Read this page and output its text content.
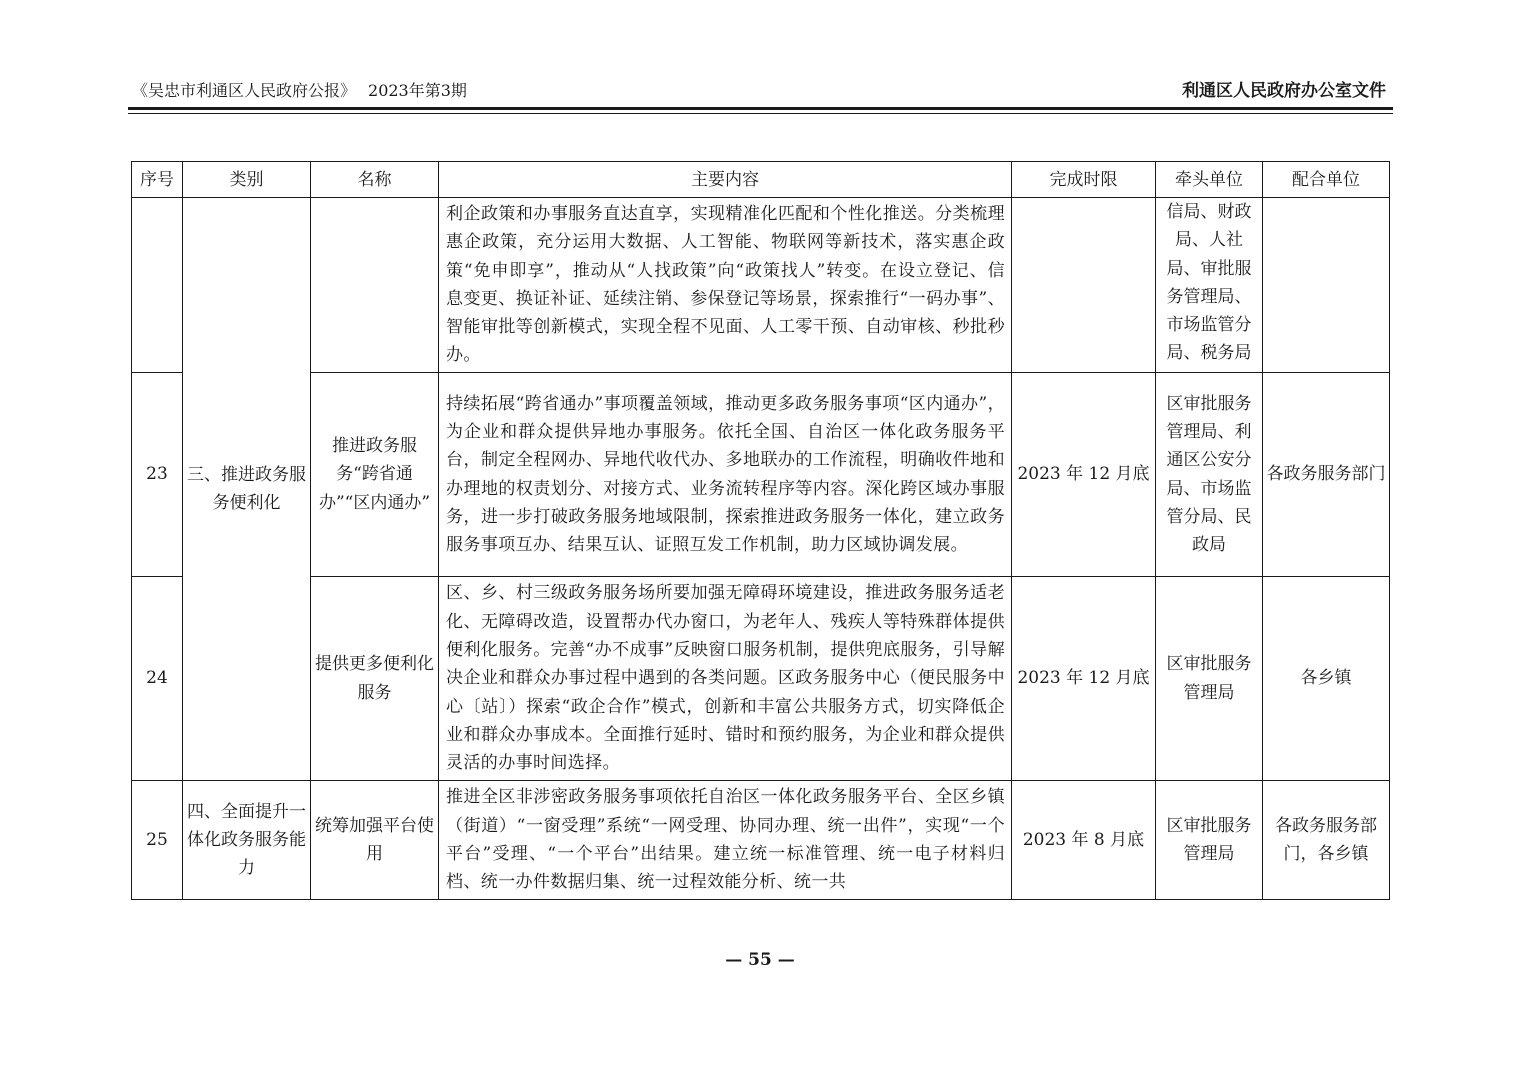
《吴忠市利通区人民政府公报》 2023年第3期	利通区人民政府办公室文件
序号	类别	名称	主要内容	完成时限	牵头单位	配合单位
	三、推进政务服务便利化		利企政策和办事服务直达直享，实现精准化匹配和个性化推送。分类梳理惠企政策，充分运用大数据、人工智能、物联网等新技术，落实惠企政策“免申即享”，推动从“人找政策”向“政策找人”转变。在设立登记、信息变更、换证补证、延续注销、参保登记等场景，探索推行“一码办事”、智能审批等创新模式，实现全程不见面、人工零干预、自动审核、秒批秒办。		信局、财政局、人社局、审批服务管理局、市场监管分局、税务局	
23		推进政务服务“跨省通办”“区内通办”	持续拓展“跨省通办”事项覆盖领域，推动更多政务服务事项“区内通办”，为企业和群众提供异地办事服务。依托全国、自治区一体化政务服务平台，制定全程网办、异地代收代办、多地联办的工作流程，明确收件地和办理地的权责划分、对接方式、业务流转程序等内容。深化跨区域办事服务，进一步打破政务服务地域限制，探索推进政务服务一体化，建立政务服务事项互办、结果互认、证照互发工作机制，助力区域协调发展。	2023 年 12 月底	区审批服务管理局、利通区公安分局、市场监管分局、民政局	各政务服务部门
24		提供更多便利化服务	区、乡、村三级政务服务场所要加强无障碍环境建设，推进政务服务适老化、无障碍改造，设置帮办代办窗口，为老年人、残疾人等特殊群体提供便利化服务。完善“办不成事”反映窗口服务机制，提供兜底服务，引导解决企业和群众办事过程中遇到的各类问题。区政务服务中心（便民服务中心〔站〕）探索“政企合作”模式，创新和丰富公共服务方式，切实降低企业和群众办事成本。全面推行延时、错时和预约服务，为企业和群众提供灵活的办事时间选择。	2023 年 12 月底	区审批服务管理局	各乡镇
25	四、全面提升一体化政务服务能力	统筹加强平台使用	推进全区非涉密政务服务事项依托自治区一体化政务服务平台、全区乡镇（街道）“一窗受理”系统“一网受理、协同办理、统一出件”，实现“一个平台”受理、“一个平台”出结果。建立统一标准管理、统一电子材料归档、统一办件数据归集、统一过程效能分析、统一共	2023 年 8 月底	区审批服务管理局	各政务服务部门，各乡镇
— 55 —
